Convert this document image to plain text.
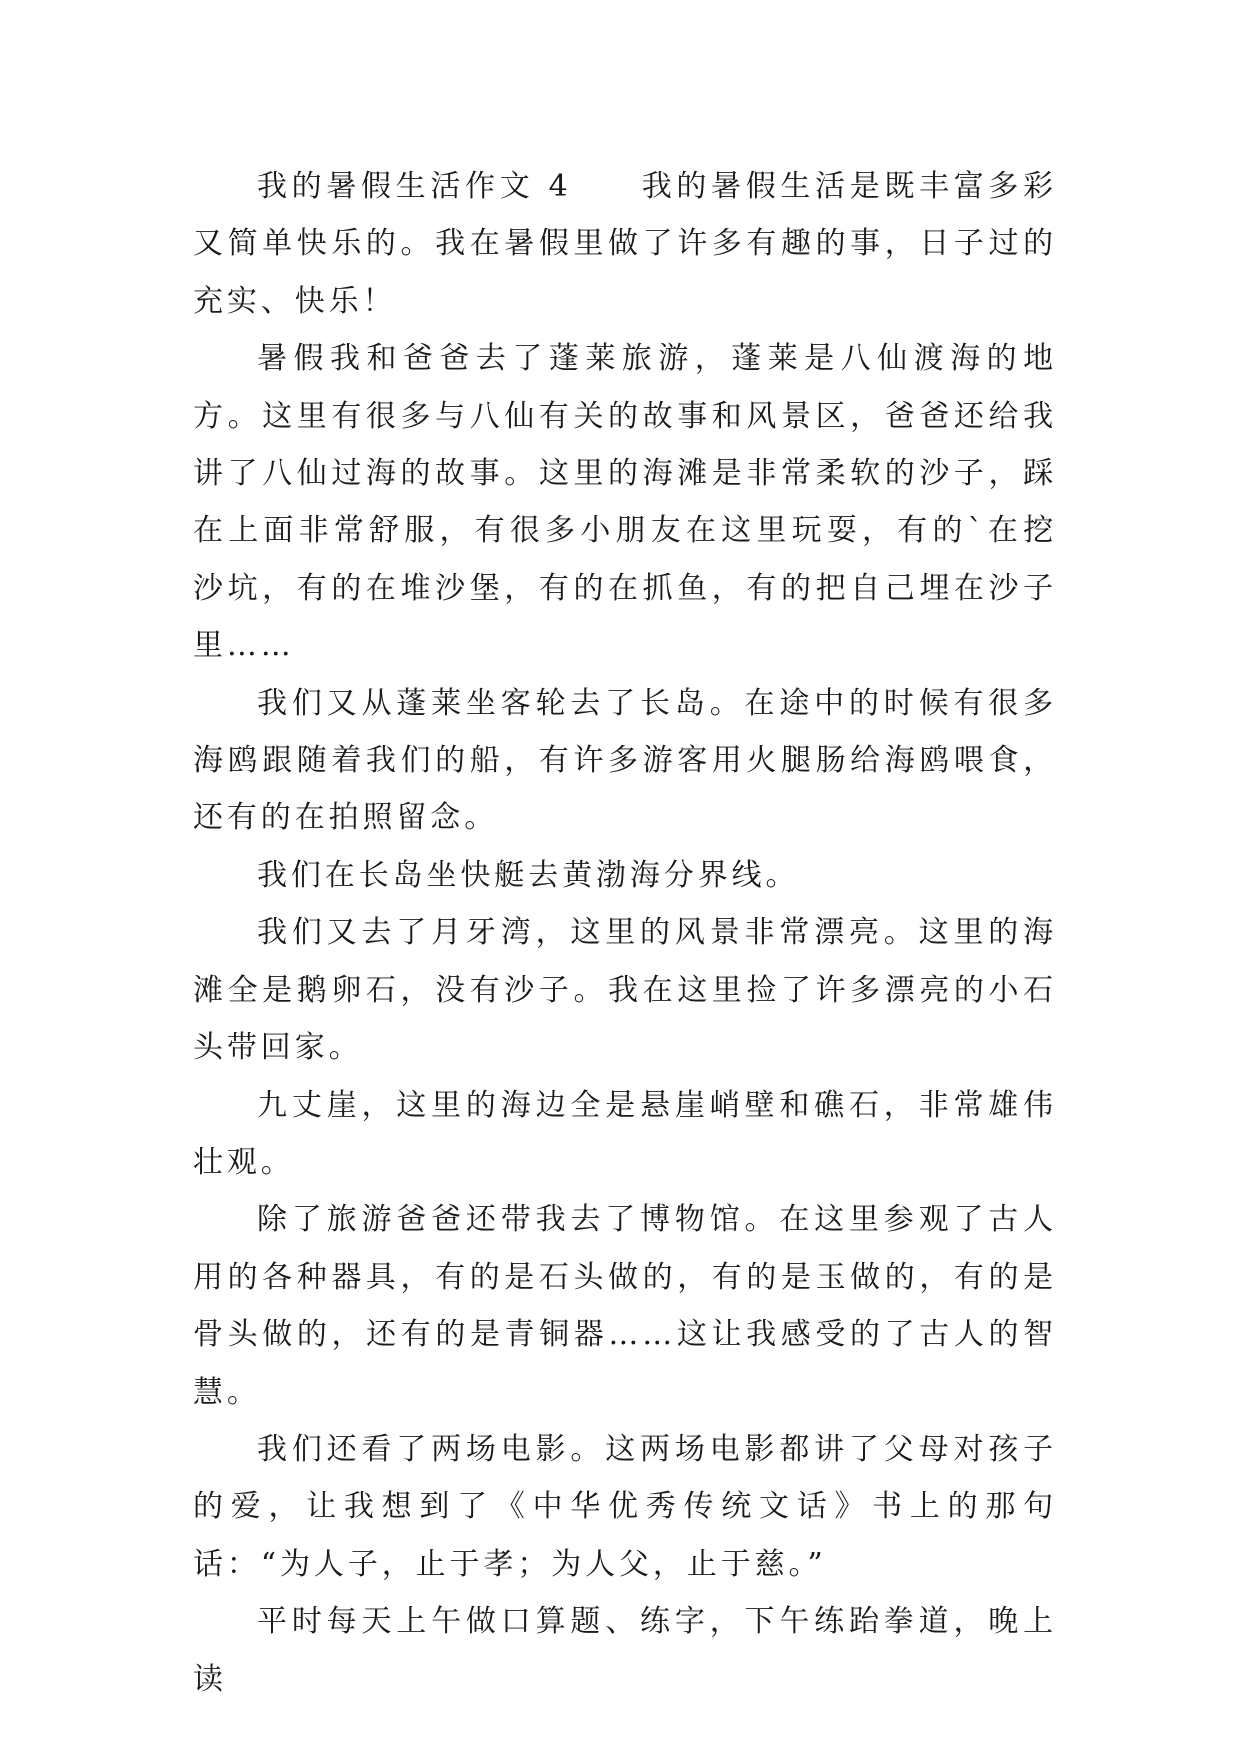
我的暑假生活作文 4　　我的暑假生活是既丰富多彩又简单快乐的。我在暑假里做了许多有趣的事，日子过的充实、快乐！

暑假我和爸爸去了蓬莱旅游，蓬莱是八仙渡海的地方。这里有很多与八仙有关的故事和风景区，爸爸还给我讲了八仙过海的故事。这里的海滩是非常柔软的沙子，踩在上面非常舒服，有很多小朋友在这里玩耍，有的`在挖沙坑，有的在堆沙堡，有的在抓鱼，有的把自己埋在沙子里……

我们又从蓬莱坐客轮去了长岛。在途中的时候有很多海鸥跟随着我们的船，有许多游客用火腿肠给海鸥喂食，还有的在拍照留念。

我们在长岛坐快艇去黄渤海分界线。

我们又去了月牙湾，这里的风景非常漂亮。这里的海滩全是鹅卵石，没有沙子。我在这里捡了许多漂亮的小石头带回家。

九丈崖，这里的海边全是悬崖峭壁和礁石，非常雄伟壮观。

除了旅游爸爸还带我去了博物馆。在这里参观了古人用的各种器具，有的是石头做的，有的是玉做的，有的是骨头做的，还有的是青铜器……这让我感受的了古人的智慧。

我们还看了两场电影。这两场电影都讲了父母对孩子的爱，让我想到了《中华优秀传统文话》书上的那句话：“为人子，止于孝；为人父，止于慈。”

平时每天上午做口算题、练字，下午练跆拳道，晚上读
